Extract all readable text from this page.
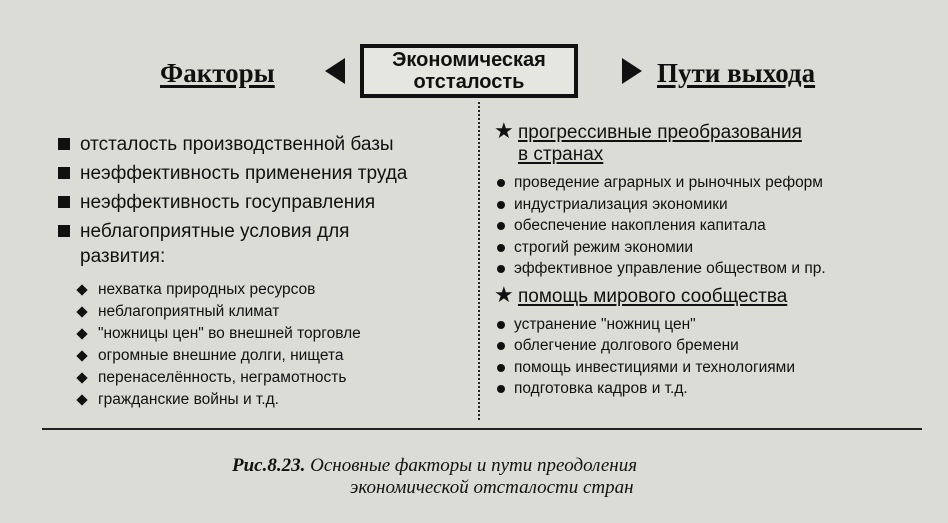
Факторы	Экономическая
отсталость	Пути выхода
отсталость производственной базы
неэффективность применения труда
неэффективность госуправления
неблагоприятные условия для
развития:
нехватка природных ресурсов
неблагоприятный климат
"ножницы цен" во внешней торговле
огромные внешние долги, нищета
перенаселённость, неграмотность
гражданские войны и т.д.
★ прогрессивные преобразования
в странах
проведение аграрных и рыночных реформ
индустриализация экономики
обеспечение накопления капитала
строгий режим экономии
эффективное управление обществом и пр.
★ помощь мирового сообщества
устранение "ножниц цен"
облегчение долгового бремени
помощь инвестициями и технологиями
подготовка кадров и т.д.
Рис.8.23. Основные факторы и пути преодоления
экономической отсталости стран
